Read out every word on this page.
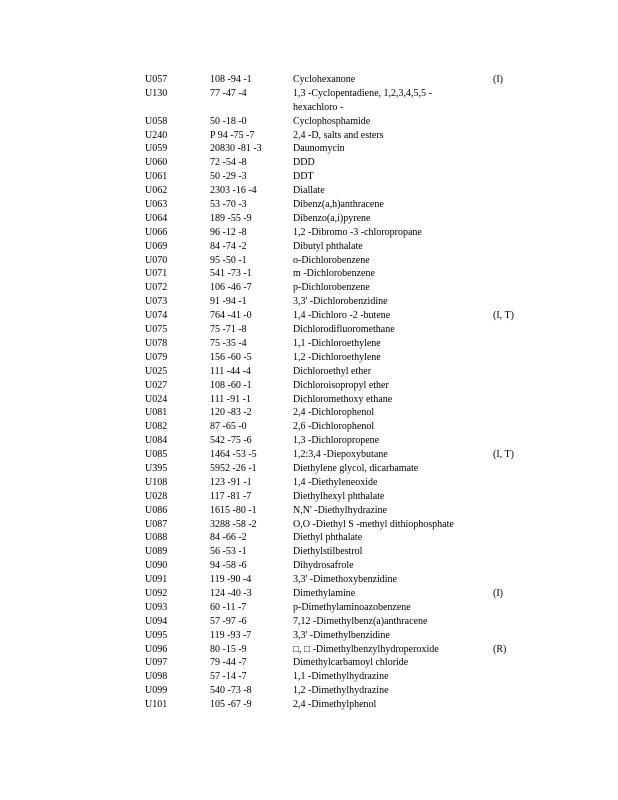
U057	108 -94 -1	Cyclohexanone	(I)
U130	77 -47 -4	1,3 -Cyclopentadiene, 1,2,3,4,5,5 -
hexachloro -
U058	50 -18 -0	Cyclophosphamide
U240	P 94 -75 -7	2,4 -D, salts and esters
U059	20830 -81 -3	Daunomycin
U060	72 -54 -8	DDD
U061	50 -29 -3	DDT
U062	2303 -16 -4	Diallate
U063	53 -70 -3	Dibenz(a,h)anthracene
U064	189 -55 -9	Dibenzo(a,i)pyrene
U066	96 -12 -8	1,2 -Dibromo -3 -chloropropane
U069	84 -74 -2	Dibutyl phthalate
U070	95 -50 -1	o-Dichlorobenzene
U071	541 -73 -1	m -Dichlorobenzene
U072	106 -46 -7	p-Dichlorobenzene
U073	91 -94 -1	3,3' -Dichlorobenzidine
U074	764 -41 -0	1,4 -Dichloro -2 -butene	(I, T)
U075	75 -71 -8	Dichlorodifluoromethane
U078	75 -35 -4	1,1 -Dichloroethylene
U079	156 -60 -5	1,2 -Dichloroethylene
U025	111 -44 -4	Dichloroethyl ether
U027	108 -60 -1	Dichloroisopropyl ether
U024	111 -91 -1	Dichloromethoxy ethane
U081	120 -83 -2	2,4 -Dichlorophenol
U082	87 -65 -0	2,6 -Dichlorophenol
U084	542 -75 -6	1,3 -Dichloropropene
U085	1464 -53 -5	1,2:3,4 -Diepoxybutane	(I, T)
U395	5952 -26 -1	Diethylene glycol, dicarbamate
U108	123 -91 -1	1,4 -Diethyleneoxide
U028	117 -81 -7	Diethylhexyl phthalate
U086	1615 -80 -1	N,N' -Diethylhydrazine
U087	3288 -58 -2	O,O -Diethyl S -methyl dithiophosphate
U088	84 -66 -2	Diethyl phthalate
U089	56 -53 -1	Diethylstilbestrol
U090	94 -58 -6	Dihydrosafrole
U091	119 -90 -4	3,3' -Dimethoxybenzidine
U092	124 -40 -3	Dimethylamine	(I)
U093	60 -11 -7	p-Dimethylaminoazobenzene
U094	57 -97 -6	7,12 -Dimethylbenz(a)anthracene
U095	119 -93 -7	3,3' -Dimethylbenzidine
U096	80 -15 -9	□, □ -Dimethylbenzylhydroperoxide	(R)
U097	79 -44 -7	Dimethylcarbamoyl chloride
U098	57 -14 -7	1,1 -Dimethylhydrazine
U099	540 -73 -8	1,2 -Dimethylhydrazine
U101	105 -67 -9	2,4 -Dimethylphenol
